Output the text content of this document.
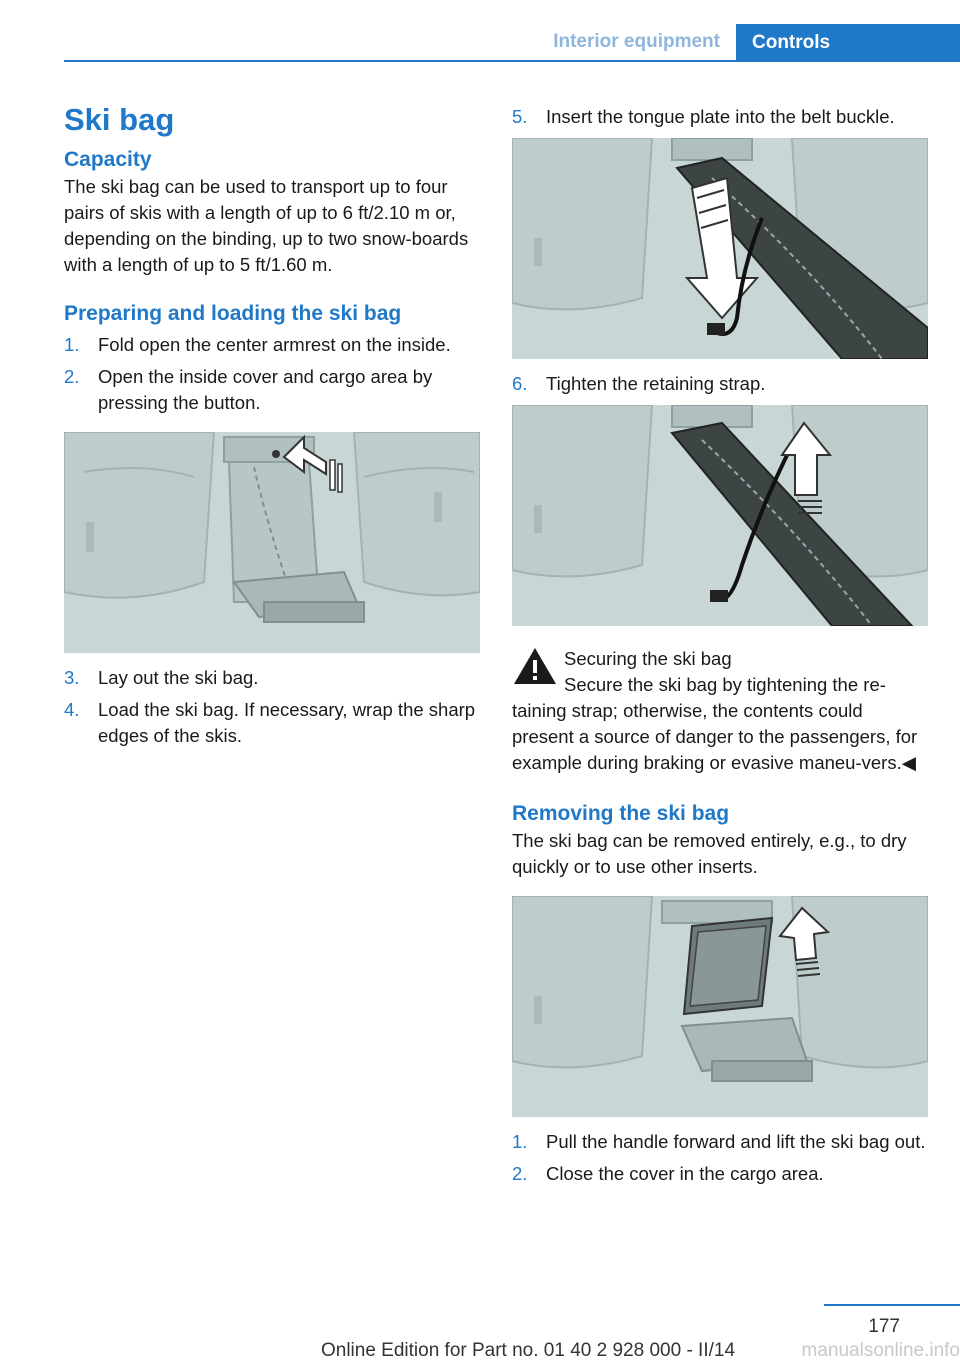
Interior equipment	Controls
Ski bag
Capacity

The ski bag can be used to transport up to four pairs of skis with a length of up to 6 ft/2.10 m or, depending on the binding, up to two snow‐boards with a length of up to 5 ft/1.60 m.

Preparing and loading the ski bag
1.	Fold open the center armrest on the inside.
2.	Open the inside cover and cargo area by pressing the button.
3.	Lay out the ski bag.
4.	Load the ski bag. If necessary, wrap the sharp edges of the skis.
5.	Insert the tongue plate into the belt buckle.
6.	Tighten the retaining strap.
Securing the ski bag
Secure the ski bag by tightening the re‐

taining strap; otherwise, the contents could present a source of danger to the passengers, for example during braking or evasive maneu‐vers.◀

Removing the ski bag

The ski bag can be removed entirely, e.g., to dry quickly or to use other inserts.

1.	Pull the handle forward and lift the ski bag out.
2.	Close the cover in the cargo area.
177
Online Edition for Part no. 01 40 2 928 000 - II/14	manualsonline.info
